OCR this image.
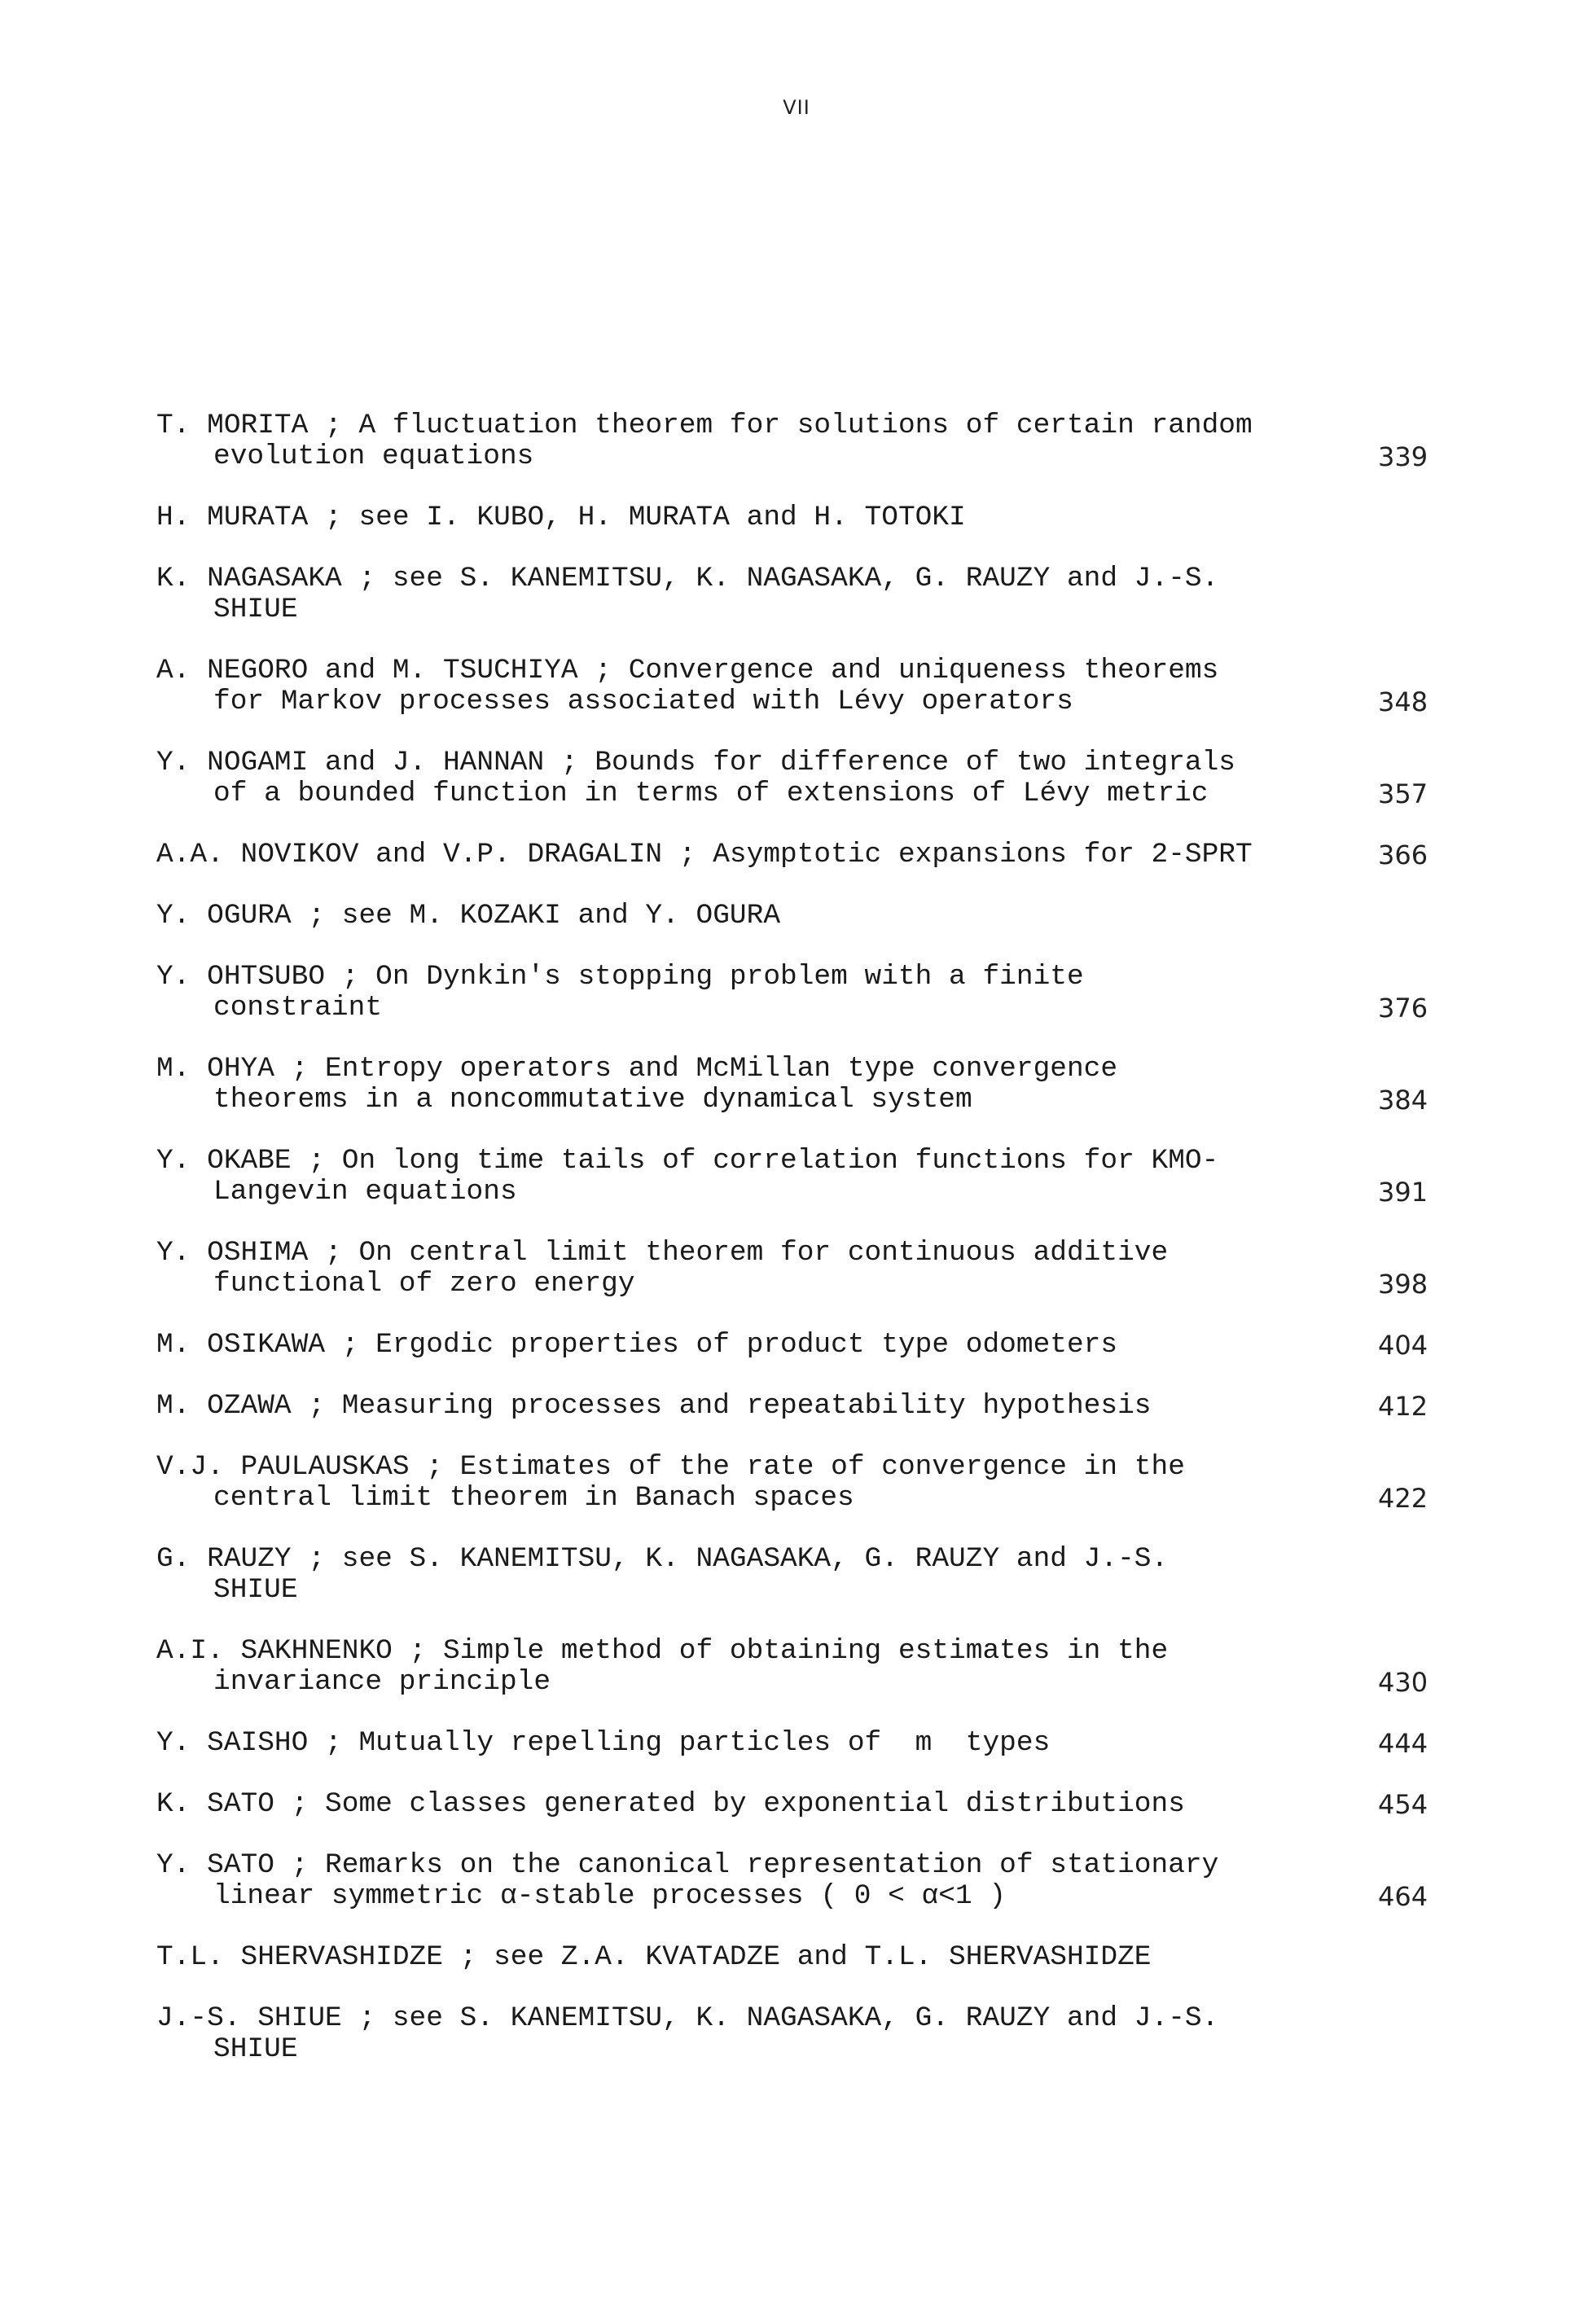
VII
T. MORITA ; A fluctuation theorem for solutions of certain random
evolution equations	339
H. MURATA ; see I. KUBO, H. MURATA and H. TOTOKI
K. NAGASAKA ; see S. KANEMITSU, K. NAGASAKA, G. RAUZY and J.-S.
SHIUE
A. NEGORO and M. TSUCHIYA ; Convergence and uniqueness theorems
for Markov processes associated with Lévy operators	348
Y. NOGAMI and J. HANNAN ; Bounds for difference of two integrals
of a bounded function in terms of extensions of Lévy metric	357
A.A. NOVIKOV and V.P. DRAGALIN ; Asymptotic expansions for 2-SPRT	366
Y. OGURA ; see M. KOZAKI and Y. OGURA
Y. OHTSUBO ; On Dynkin's stopping problem with a finite
constraint	376
M. OHYA ; Entropy operators and McMillan type convergence
theorems in a noncommutative dynamical system	384
Y. OKABE ; On long time tails of correlation functions for KMO-
Langevin equations	391
Y. OSHIMA ; On central limit theorem for continuous additive
functional of zero energy	398
M. OSIKAWA ; Ergodic properties of product type odometers	404
M. OZAWA ; Measuring processes and repeatability hypothesis	412
V.J. PAULAUSKAS ; Estimates of the rate of convergence in the
central limit theorem in Banach spaces	422
G. RAUZY ; see S. KANEMITSU, K. NAGASAKA, G. RAUZY and J.-S.
SHIUE
A.I. SAKHNENKO ; Simple method of obtaining estimates in the
invariance principle	430
Y. SAISHO ; Mutually repelling particles of  m  types	444
K. SATO ; Some classes generated by exponential distributions	454
Y. SATO ; Remarks on the canonical representation of stationary
linear symmetric α-stable processes ( 0 < α<1 )	464
T.L. SHERVASHIDZE ; see Z.A. KVATADZE and T.L. SHERVASHIDZE
J.-S. SHIUE ; see S. KANEMITSU, K. NAGASAKA, G. RAUZY and J.-S.
SHIUE
